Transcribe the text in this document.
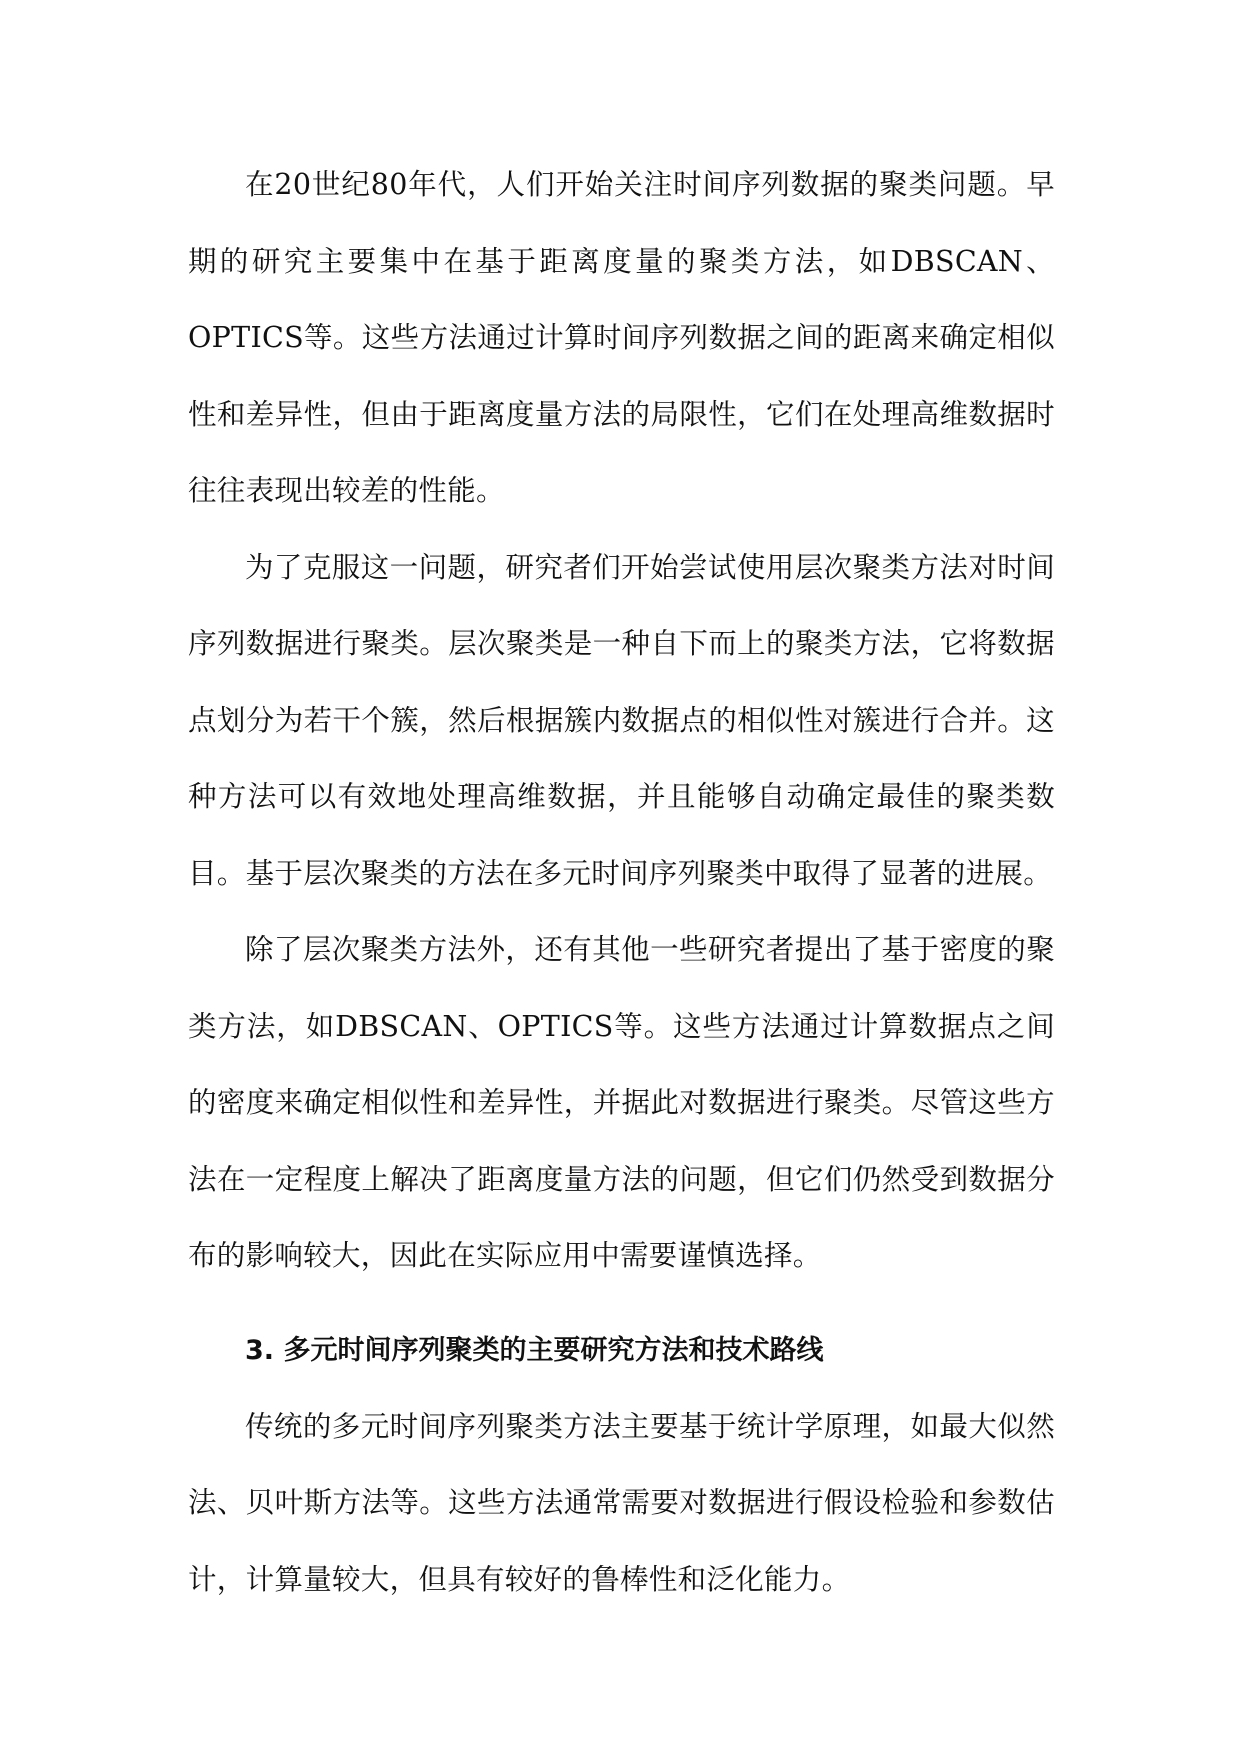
在20世纪80年代，人们开始关注时间序列数据的聚类问题。早期的研究主要集中在基于距离度量的聚类方法，如DBSCAN、OPTICS等。这些方法通过计算时间序列数据之间的距离来确定相似性和差异性，但由于距离度量方法的局限性，它们在处理高维数据时往往表现出较差的性能。

为了克服这一问题，研究者们开始尝试使用层次聚类方法对时间序列数据进行聚类。层次聚类是一种自下而上的聚类方法，它将数据点划分为若干个簇，然后根据簇内数据点的相似性对簇进行合并。这种方法可以有效地处理高维数据，并且能够自动确定最佳的聚类数目。基于层次聚类的方法在多元时间序列聚类中取得了显著的进展。

除了层次聚类方法外，还有其他一些研究者提出了基于密度的聚类方法，如DBSCAN、OPTICS等。这些方法通过计算数据点之间的密度来确定相似性和差异性，并据此对数据进行聚类。尽管这些方法在一定程度上解决了距离度量方法的问题，但它们仍然受到数据分布的影响较大，因此在实际应用中需要谨慎选择。

3. 多元时间序列聚类的主要研究方法和技术路线

传统的多元时间序列聚类方法主要基于统计学原理，如最大似然法、贝叶斯方法等。这些方法通常需要对数据进行假设检验和参数估计，计算量较大，但具有较好的鲁棒性和泛化能力。
